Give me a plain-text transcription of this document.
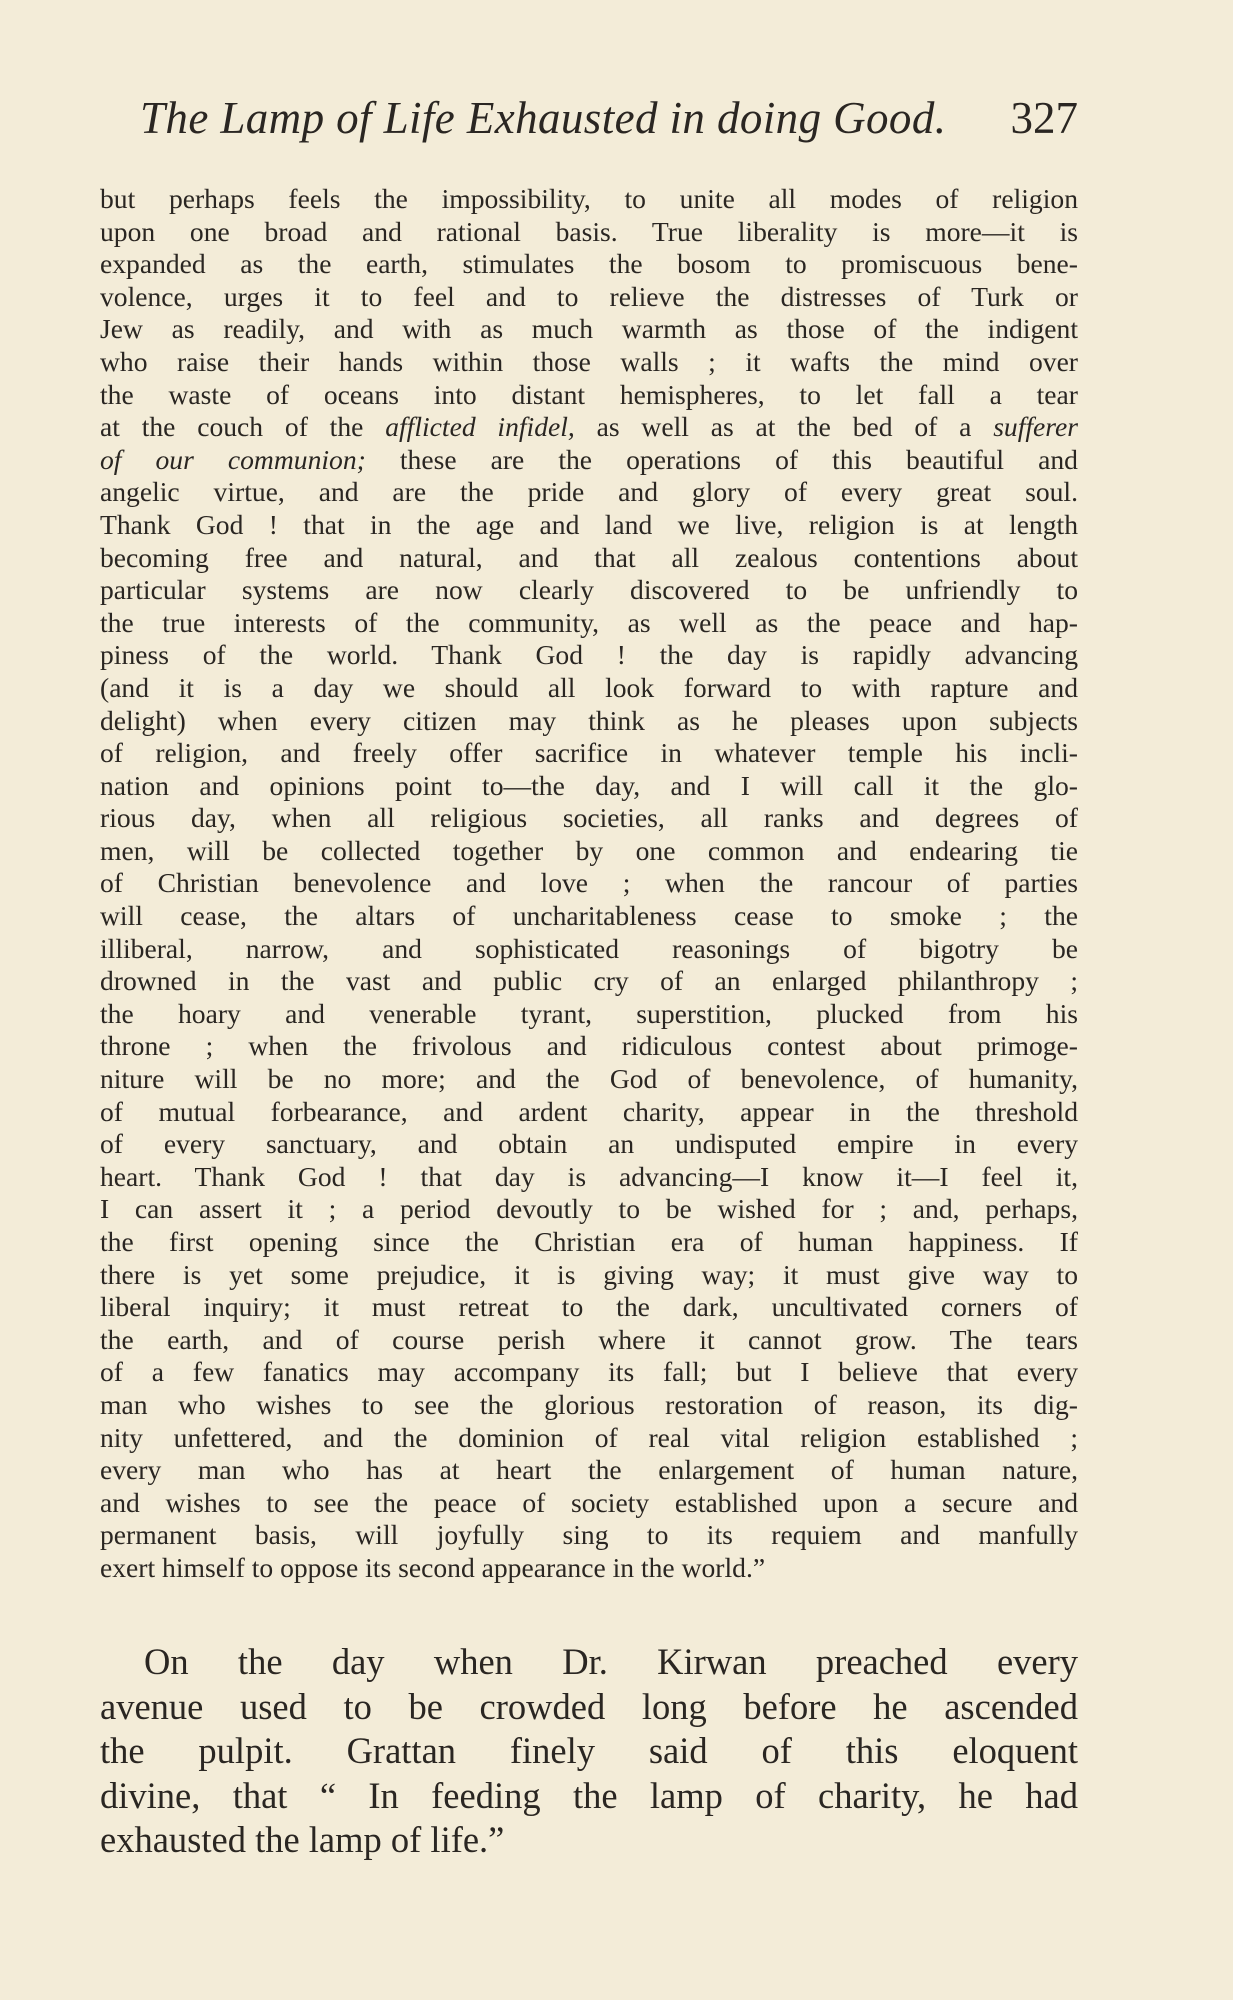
The Lamp of Life Exhausted in doing Good. 327
but perhaps feels the impossibility, to unite all modes of religion
upon one broad and rational basis. True liberality is more—it is
expanded as the earth, stimulates the bosom to promiscuous bene-
volence, urges it to feel and to relieve the distresses of Turk or
Jew as readily, and with as much warmth as those of the indigent
who raise their hands within those walls ; it wafts the mind over
the waste of oceans into distant hemispheres, to let fall a tear
at the couch of the afflicted infidel, as well as at the bed of a sufferer
of our communion; these are the operations of this beautiful and
angelic virtue, and are the pride and glory of every great soul.
Thank God ! that in the age and land we live, religion is at length
becoming free and natural, and that all zealous contentions about
particular systems are now clearly discovered to be unfriendly to
the true interests of the community, as well as the peace and hap-
piness of the world. Thank God ! the day is rapidly advancing
(and it is a day we should all look forward to with rapture and
delight) when every citizen may think as he pleases upon subjects
of religion, and freely offer sacrifice in whatever temple his incli-
nation and opinions point to—the day, and I will call it the glo-
rious day, when all religious societies, all ranks and degrees of
men, will be collected together by one common and endearing tie
of Christian benevolence and love ; when the rancour of parties
will cease, the altars of uncharitableness cease to smoke ; the
illiberal, narrow, and sophisticated reasonings of bigotry be
drowned in the vast and public cry of an enlarged philanthropy ;
the hoary and venerable tyrant, superstition, plucked from his
throne ; when the frivolous and ridiculous contest about primoge-
niture will be no more; and the God of benevolence, of humanity,
of mutual forbearance, and ardent charity, appear in the threshold
of every sanctuary, and obtain an undisputed empire in every
heart. Thank God ! that day is advancing—I know it—I feel it,
I can assert it ; a period devoutly to be wished for ; and, perhaps,
the first opening since the Christian era of human happiness. If
there is yet some prejudice, it is giving way; it must give way to
liberal inquiry; it must retreat to the dark, uncultivated corners of
the earth, and of course perish where it cannot grow. The tears
of a few fanatics may accompany its fall; but I believe that every
man who wishes to see the glorious restoration of reason, its dig-
nity unfettered, and the dominion of real vital religion established ;
every man who has at heart the enlargement of human nature,
and wishes to see the peace of society established upon a secure and
permanent basis, will joyfully sing to its requiem and manfully
exert himself to oppose its second appearance in the world.”
On the day when Dr. Kirwan preached every
avenue used to be crowded long before he ascended
the pulpit. Grattan finely said of this eloquent
divine, that “ In feeding the lamp of charity, he had
exhausted the lamp of life.”
